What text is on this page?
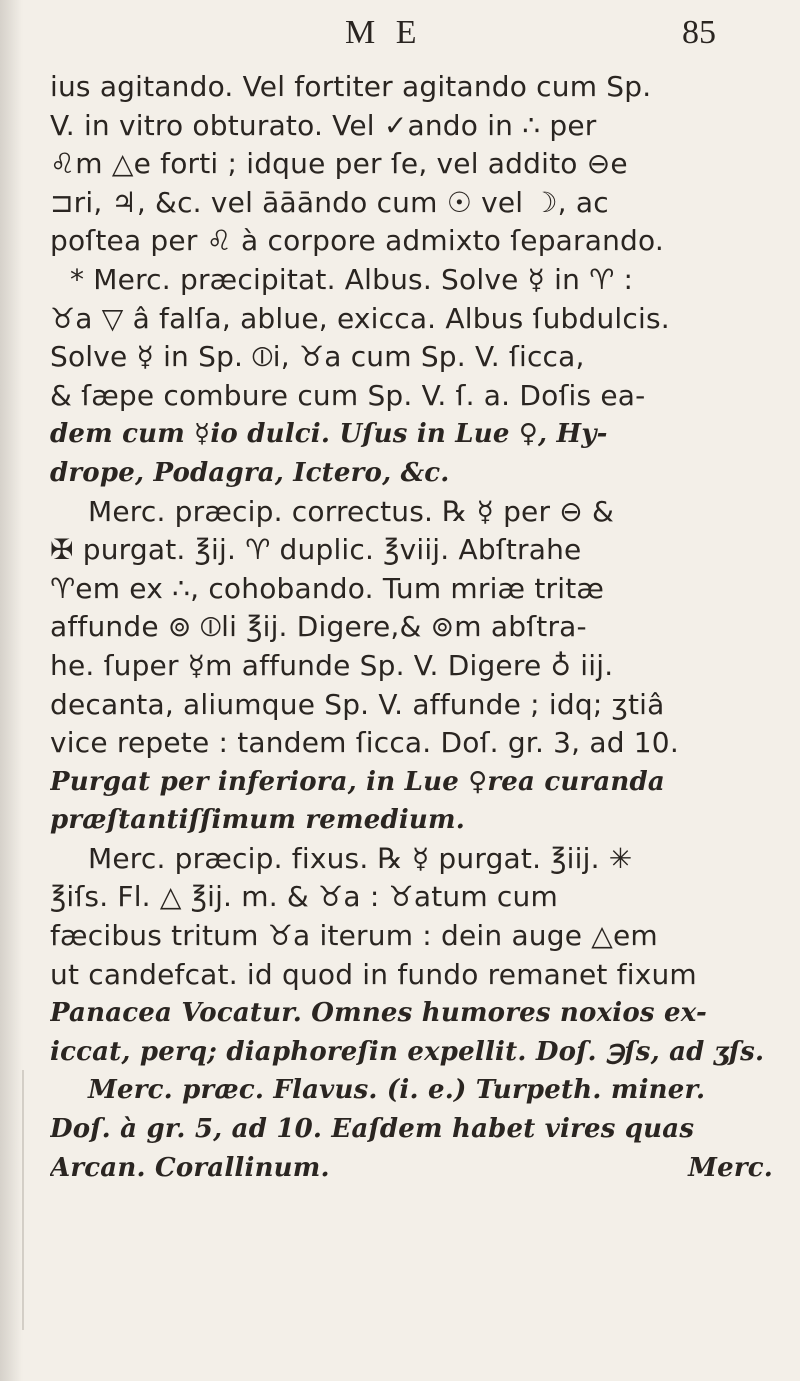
M E	85
ius agitando. Vel fortiter agitando cum Sp.
V. in vitro obturato. Vel ✓ando in ∴ per
♌m △e forti ; idque per ſe, vel addito ⊖e
⊐ri, ♃, &c. vel āāāndo cum ☉ vel ☽, ac
poſtea per ♌ à corpore admixto ſeparando.
* Merc. præcipitat. Albus. Solve ☿ in ♈ :
♉a ▽ â falſa, ablue, exicca. Albus ſubdulcis.
Solve ☿ in Sp. ⦶i, ♉a cum Sp. V. ſicca,
& ſæpe combure cum Sp. V. ſ. a. Doſis ea-
dem cum ☿io dulci. Uſus in Lue ♀, Hy-
drope, Podagra, Ictero, &c.
Merc. præcip. correctus. ℞ ☿ per ⊖ &
✠ purgat. ℥ij. ♈ duplic. ℥viij. Abſtrahe
♈em ex ∴, cohobando. Tum mriæ tritæ
affunde ⊚ ⦶li ℥ij. Digere,& ⊚m abſtra-
he. ſuper ☿m affunde Sp. V. Digere ♁ iij.
decanta, aliumque Sp. V. affunde ; idq; ʒtiâ
vice repete : tandem ſicca. Doſ. gr. 3, ad 10.
Purgat per inferiora, in Lue ♀rea curanda
præſtantiſſimum remedium.
Merc. præcip. fixus. ℞ ☿ purgat. ℥iij. ✳
℥iſs. Fl. △ ℥ij. m. & ♉a : ♉atum cum
fæcibus tritum ♉a iterum : dein auge △em
ut candefcat. id quod in fundo remanet fixum
Panacea Vocatur. Omnes humores noxios ex-
iccat, perq; diaphoreſin expellit. Doſ. ℈ſs, ad ʒſs.
Merc. præc. Flavus. (i. e.) Turpeth. miner.
Doſ. à gr. 5, ad 10. Eaſdem habet vires quas
Merc.
Arcan. Corallinum.
